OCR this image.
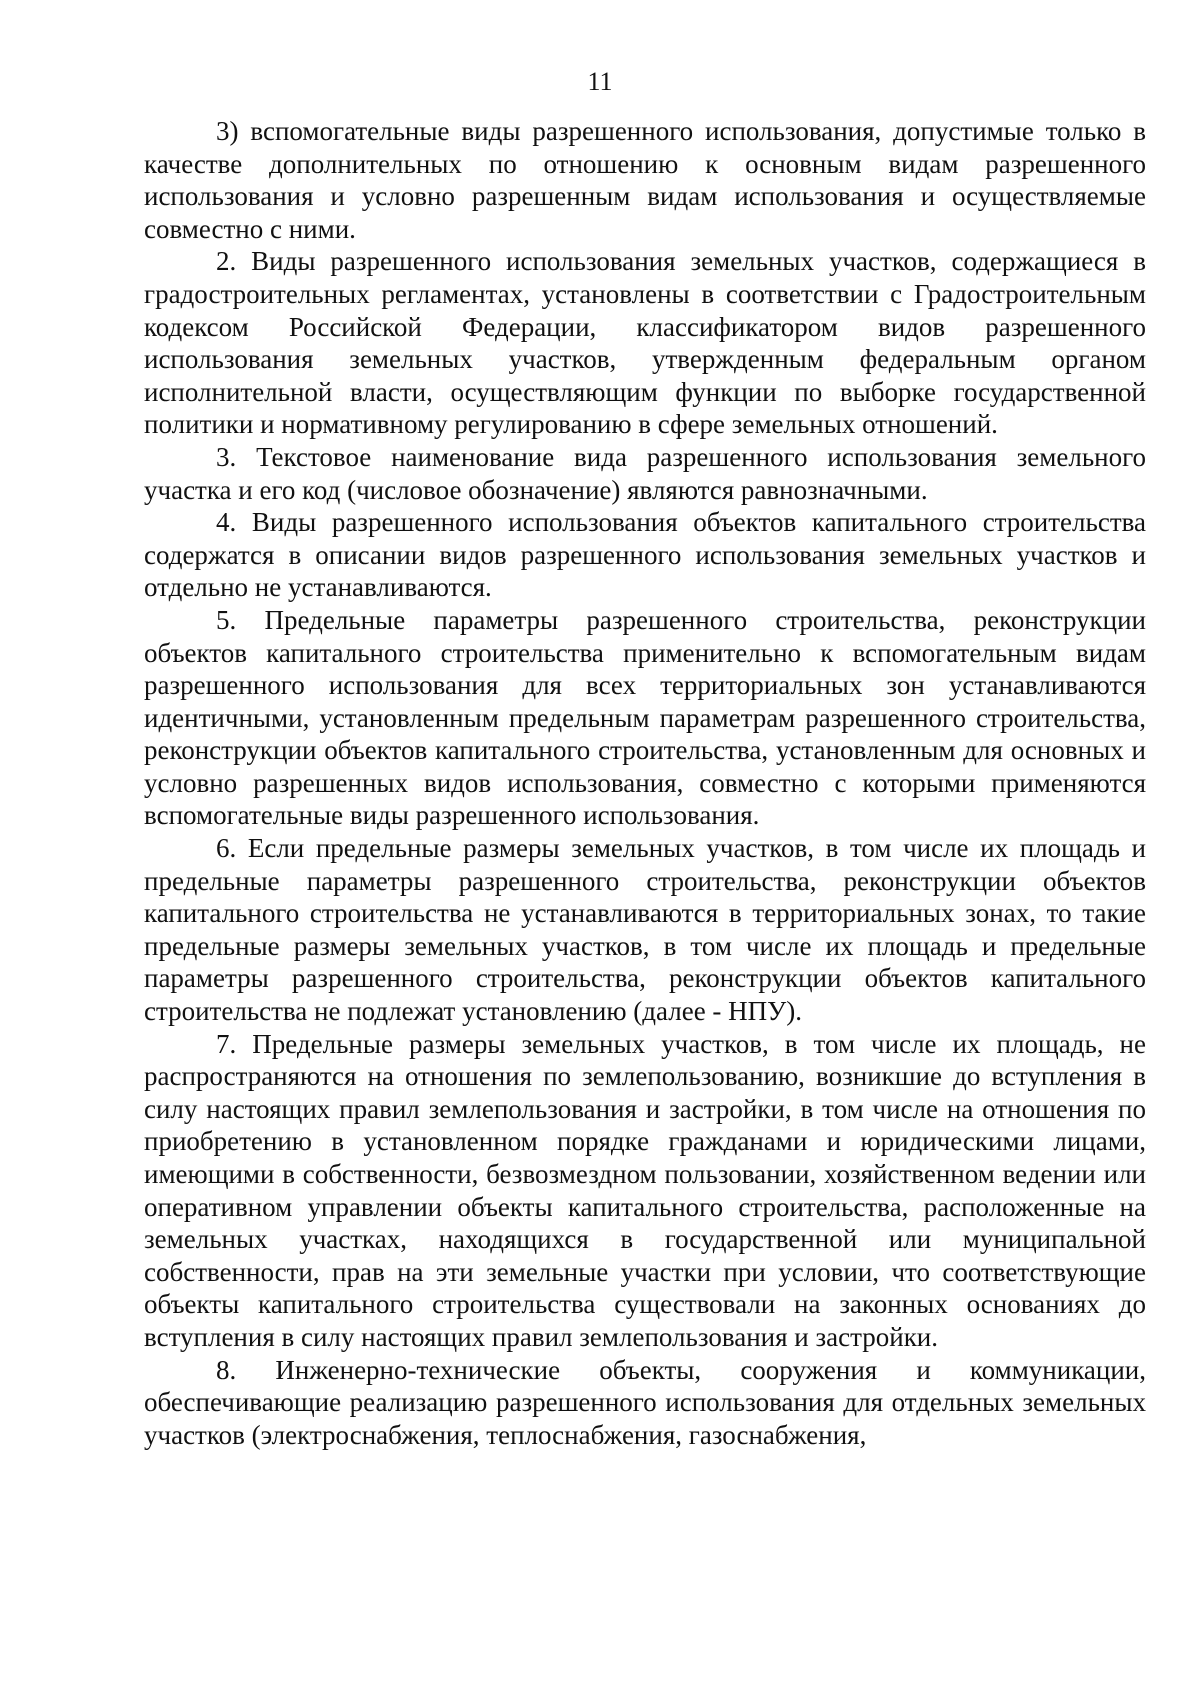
11

3) вспомогательные виды разрешенного использования, допустимые только в качестве дополнительных по отношению к основным видам разрешенного использования и условно разрешенным видам использования и осуществляемые совместно с ними.

2. Виды разрешенного использования земельных участков, содержащиеся в градостроительных регламентах, установлены в соответствии с Градостроительным кодексом Российской Федерации, классификатором видов разрешенного использования земельных участков, утвержденным федеральным органом исполнительной власти, осуществляющим функции по выборке государственной политики и нормативному регулированию в сфере земельных отношений.

3. Текстовое наименование вида разрешенного использования земельного участка и его код (числовое обозначение) являются равнозначными.

4. Виды разрешенного использования объектов капитального строительства содержатся в описании видов разрешенного использования земельных участков и отдельно не устанавливаются.

5. Предельные параметры разрешенного строительства, реконструкции объектов капитального строительства применительно к вспомогательным видам разрешенного использования для всех территориальных зон устанавливаются идентичными, установленным предельным параметрам разрешенного строительства, реконструкции объектов капитального строительства, установленным для основных и условно разрешенных видов использования, совместно с которыми применяются вспомогательные виды разрешенного использования.

6. Если предельные размеры земельных участков, в том числе их площадь и предельные параметры разрешенного строительства, реконструкции объектов капитального строительства не устанавливаются в территориальных зонах, то такие предельные размеры земельных участков, в том числе их площадь и предельные параметры разрешенного строительства, реконструкции объектов капитального строительства не подлежат установлению (далее - НПУ).

7. Предельные размеры земельных участков, в том числе их площадь, не распространяются на отношения по землепользованию, возникшие до вступления в силу настоящих правил землепользования и застройки, в том числе на отношения по приобретению в установленном порядке гражданами и юридическими лицами, имеющими в собственности, безвозмездном пользовании, хозяйственном ведении или оперативном управлении объекты капитального строительства, расположенные на земельных участках, находящихся в государственной или муниципальной собственности, прав на эти земельные участки при условии, что соответствующие объекты капитального строительства существовали на законных основаниях до вступления в силу настоящих правил землепользования и застройки.

8. Инженерно-технические объекты, сооружения и коммуникации, обеспечивающие реализацию разрешенного использования для отдельных земельных участков (электроснабжения, теплоснабжения, газоснабжения,
